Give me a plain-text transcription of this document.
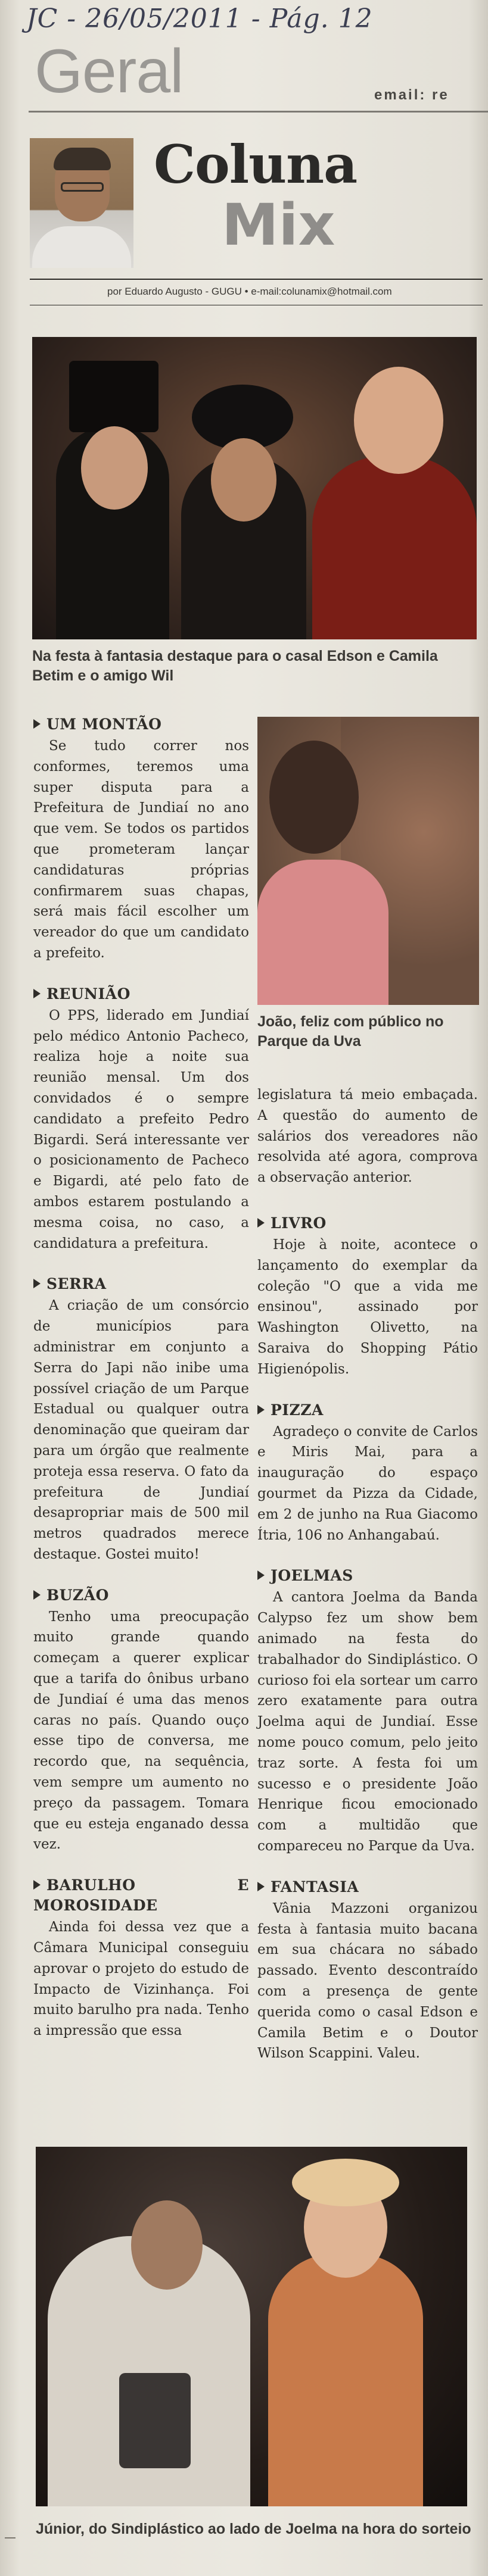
JC - 26/05/2011 - Pág. 12
Geral	email: re
Coluna
Mix
por Eduardo Augusto - GUGU • e-mail:colunamix@hotmail.com
Na festa à fantasia destaque para o casal Edson e Camila Betim e o amigo Wil
João, feliz com público no Parque da Uva
UM MONTÃO

Se tudo correr nos conformes, teremos uma super disputa para a Prefeitura de Jundiaí no ano que vem. Se todos os partidos que prometeram lançar candidaturas próprias confirmarem suas chapas, será mais fácil escolher um vereador do que um candidato a prefeito.

REUNIÃO

O PPS, liderado em Jundiaí pelo médico Antonio Pacheco, realiza hoje a noite sua reunião mensal. Um dos convidados é o sempre candidato a prefeito Pedro Bigardi. Será interessante ver o posicionamento de Pacheco e Bigardi, até pelo fato de ambos estarem postulando a mesma coisa, no caso, a candidatura a prefeitura.

SERRA

A criação de um consórcio de municípios para administrar em conjunto a Serra do Japi não inibe uma possível criação de um Parque Estadual ou qualquer outra denominação que queiram dar para um órgão que realmente proteja essa reserva. O fato da prefeitura de Jundiaí desapropriar mais de 500 mil metros quadrados merece destaque. Gostei muito!

BUZÃO

Tenho uma preocupação muito grande quando começam a querer explicar que a tarifa do ônibus urbano de Jundiaí é uma das menos caras no país. Quando ouço esse tipo de conversa, me recordo que, na sequência, vem sempre um aumento no preço da passagem. Tomara que eu esteja enganado dessa vez.

BARULHO E MOROSIDADE

Ainda foi dessa vez que a Câmara Municipal conseguiu aprovar o projeto do estudo de Impacto de Vizinhança. Foi muito barulho pra nada. Tenho a impressão que essa

legislatura tá meio embaçada. A questão do aumento de salários dos vereadores não resolvida até agora, comprova a observação anterior.

LIVRO

Hoje à noite, acontece o lançamento do exemplar da coleção "O que a vida me ensinou", assinado por Washington Olivetto, na Saraiva do Shopping Pátio Higienópolis.

PIZZA

Agradeço o convite de Carlos e Miris Mai, para a inauguração do espaço gourmet da Pizza da Cidade, em 2 de junho na Rua Giacomo Ítria, 106 no Anhangabaú.

JOELMAS

A cantora Joelma da Banda Calypso fez um show bem animado na festa do trabalhador do Sindiplástico. O curioso foi ela sortear um carro zero exatamente para outra Joelma aqui de Jundiaí. Esse nome pouco comum, pelo jeito traz sorte. A festa foi um sucesso e o presidente João Henrique ficou emocionado com a multidão que compareceu no Parque da Uva.

FANTASIA

Vânia Mazzoni organizou festa à fantasia muito bacana em sua chácara no sábado passado. Evento descontraído com a presença de gente querida como o casal Edson e Camila Betim e o Doutor Wilson Scappini. Valeu.

Júnior, do Sindiplástico ao lado de Joelma na hora do sorteio
